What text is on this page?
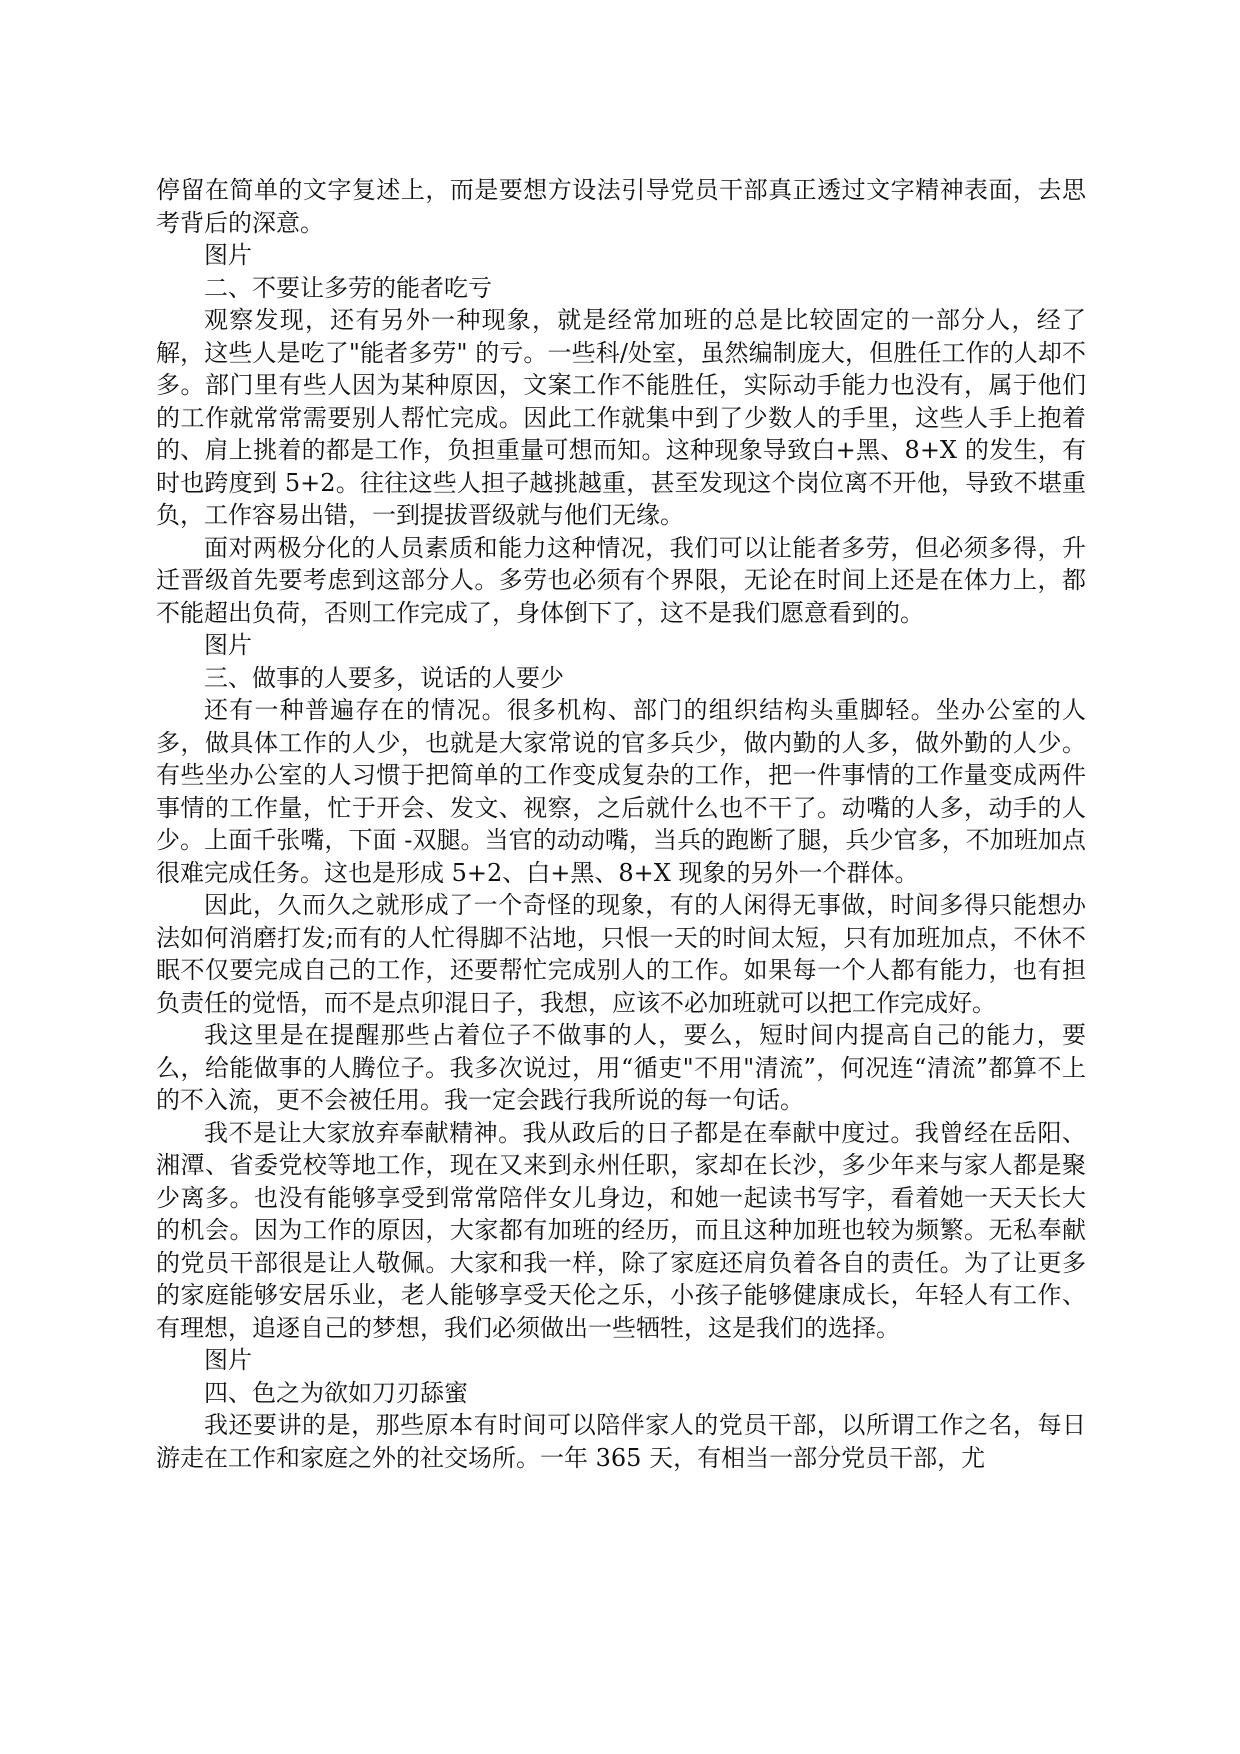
停留在简单的文字复述上，而是要想方设法引导党员干部真正透过文字精神表面，去思考背后的深意。

图片

二、不要让多劳的能者吃亏

观察发现，还有另外一种现象，就是经常加班的总是比较固定的一部分人，经了解，这些人是吃了"能者多劳" 的亏。一些科/处室，虽然编制庞大，但胜任工作的人却不多。部门里有些人因为某种原因，文案工作不能胜任，实际动手能力也没有，属于他们的工作就常常需要别人帮忙完成。因此工作就集中到了少数人的手里，这些人手上抱着的、肩上挑着的都是工作，负担重量可想而知。这种现象导致白+黑、8+X 的发生，有时也跨度到 5+2。往往这些人担子越挑越重，甚至发现这个岗位离不开他，导致不堪重负，工作容易出错，一到提拔晋级就与他们无缘。

面对两极分化的人员素质和能力这种情况，我们可以让能者多劳，但必须多得，升迁晋级首先要考虑到这部分人。多劳也必须有个界限，无论在时间上还是在体力上，都不能超出负荷，否则工作完成了，身体倒下了，这不是我们愿意看到的。

图片

三、做事的人要多，说话的人要少

还有一种普遍存在的情况。很多机构、部门的组织结构头重脚轻。坐办公室的人多，做具体工作的人少，也就是大家常说的官多兵少，做内勤的人多，做外勤的人少。有些坐办公室的人习惯于把简单的工作变成复杂的工作，把一件事情的工作量变成两件事情的工作量，忙于开会、发文、视察，之后就什么也不干了。动嘴的人多，动手的人少。上面千张嘴，下面 -双腿。当官的动动嘴，当兵的跑断了腿，兵少官多，不加班加点很难完成任务。这也是形成 5+2、白+黑、8+X 现象的另外一个群体。

因此，久而久之就形成了一个奇怪的现象，有的人闲得无事做，时间多得只能想办法如何消磨打发;而有的人忙得脚不沾地，只恨一天的时间太短，只有加班加点，不休不眠不仅要完成自己的工作，还要帮忙完成别人的工作。如果每一个人都有能力，也有担负责任的觉悟，而不是点卯混日子，我想，应该不必加班就可以把工作完成好。

我这里是在提醒那些占着位子不做事的人，要么，短时间内提高自己的能力，要么，给能做事的人腾位子。我多次说过，用“循吏"不用"清流”，何况连“清流”都算不上的不入流，更不会被任用。我一定会践行我所说的每一句话。

我不是让大家放弃奉献精神。我从政后的日子都是在奉献中度过。我曾经在岳阳、湘潭、省委党校等地工作，现在又来到永州任职，家却在长沙，多少年来与家人都是聚少离多。也没有能够享受到常常陪伴女儿身边，和她一起读书写字，看着她一天天长大的机会。因为工作的原因，大家都有加班的经历，而且这种加班也较为频繁。无私奉献的党员干部很是让人敬佩。大家和我一样，除了家庭还肩负着各自的责任。为了让更多的家庭能够安居乐业，老人能够享受天伦之乐，小孩子能够健康成长，年轻人有工作、有理想，追逐自己的梦想，我们必须做出一些牺牲，这是我们的选择。

图片

四、色之为欲如刀刃舔蜜

我还要讲的是，那些原本有时间可以陪伴家人的党员干部，以所谓工作之名，每日游走在工作和家庭之外的社交场所。一年 365 天，有相当一部分党员干部，尤
